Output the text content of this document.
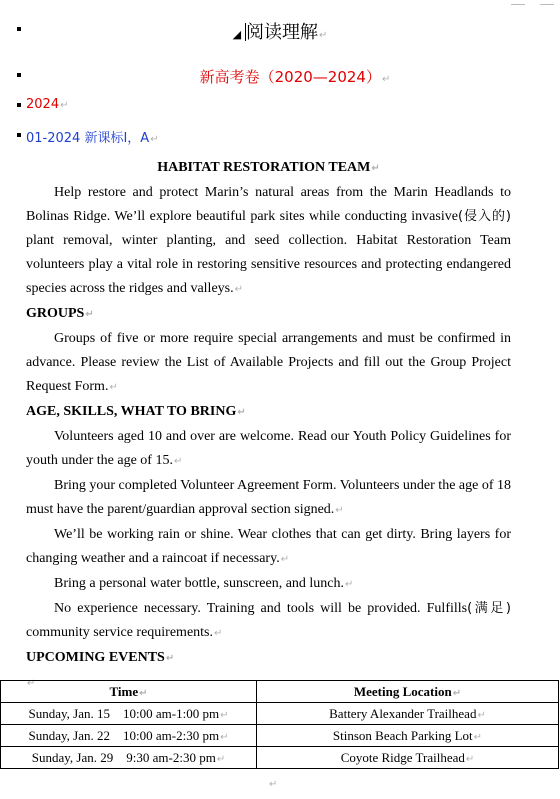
◢ 阅读理解↵
新高考卷（2020—2024）↵
2024↵
01-2024 新课标Ⅰ，A↵

HABITAT RESTORATION TEAM↵

Help restore and protect Marin’s natural areas from the Marin Headlands to Bolinas Ridge. We’ll explore beautiful park sites while conducting invasive(侵入的) plant removal, winter planting, and seed collection. Habitat Restoration Team volunteers play a vital role in restoring sensitive resources and protecting endangered species across the ridges and valleys.↵

GROUPS↵

Groups of five or more require special arrangements and must be confirmed in advance. Please review the List of Available Projects and fill out the Group Project Request Form.↵

AGE, SKILLS, WHAT TO BRING↵

Volunteers aged 10 and over are welcome. Read our Youth Policy Guidelines for youth under the age of 15.↵

Bring your completed Volunteer Agreement Form. Volunteers under the age of 18 must have the parent/guardian approval section signed.↵

We’ll be working rain or shine. Wear clothes that can get dirty. Bring layers for changing weather and a raincoat if necessary.↵

Bring a personal water bottle, sunscreen, and lunch.↵

No experience necessary. Training and tools will be provided. Fulfills(满足) community service requirements.↵

UPCOMING EVENTS↵

↵	Time↵	Meeting Location↵
Sunday, Jan. 15    10:00 am-1:00 pm↵	Battery Alexander Trailhead↵
Sunday, Jan. 22    10:00 am-2:30 pm↵	Stinson Beach Parking Lot↵
Sunday, Jan. 29    9:30 am-2:30 pm↵	Coyote Ridge Trailhead↵
↵
